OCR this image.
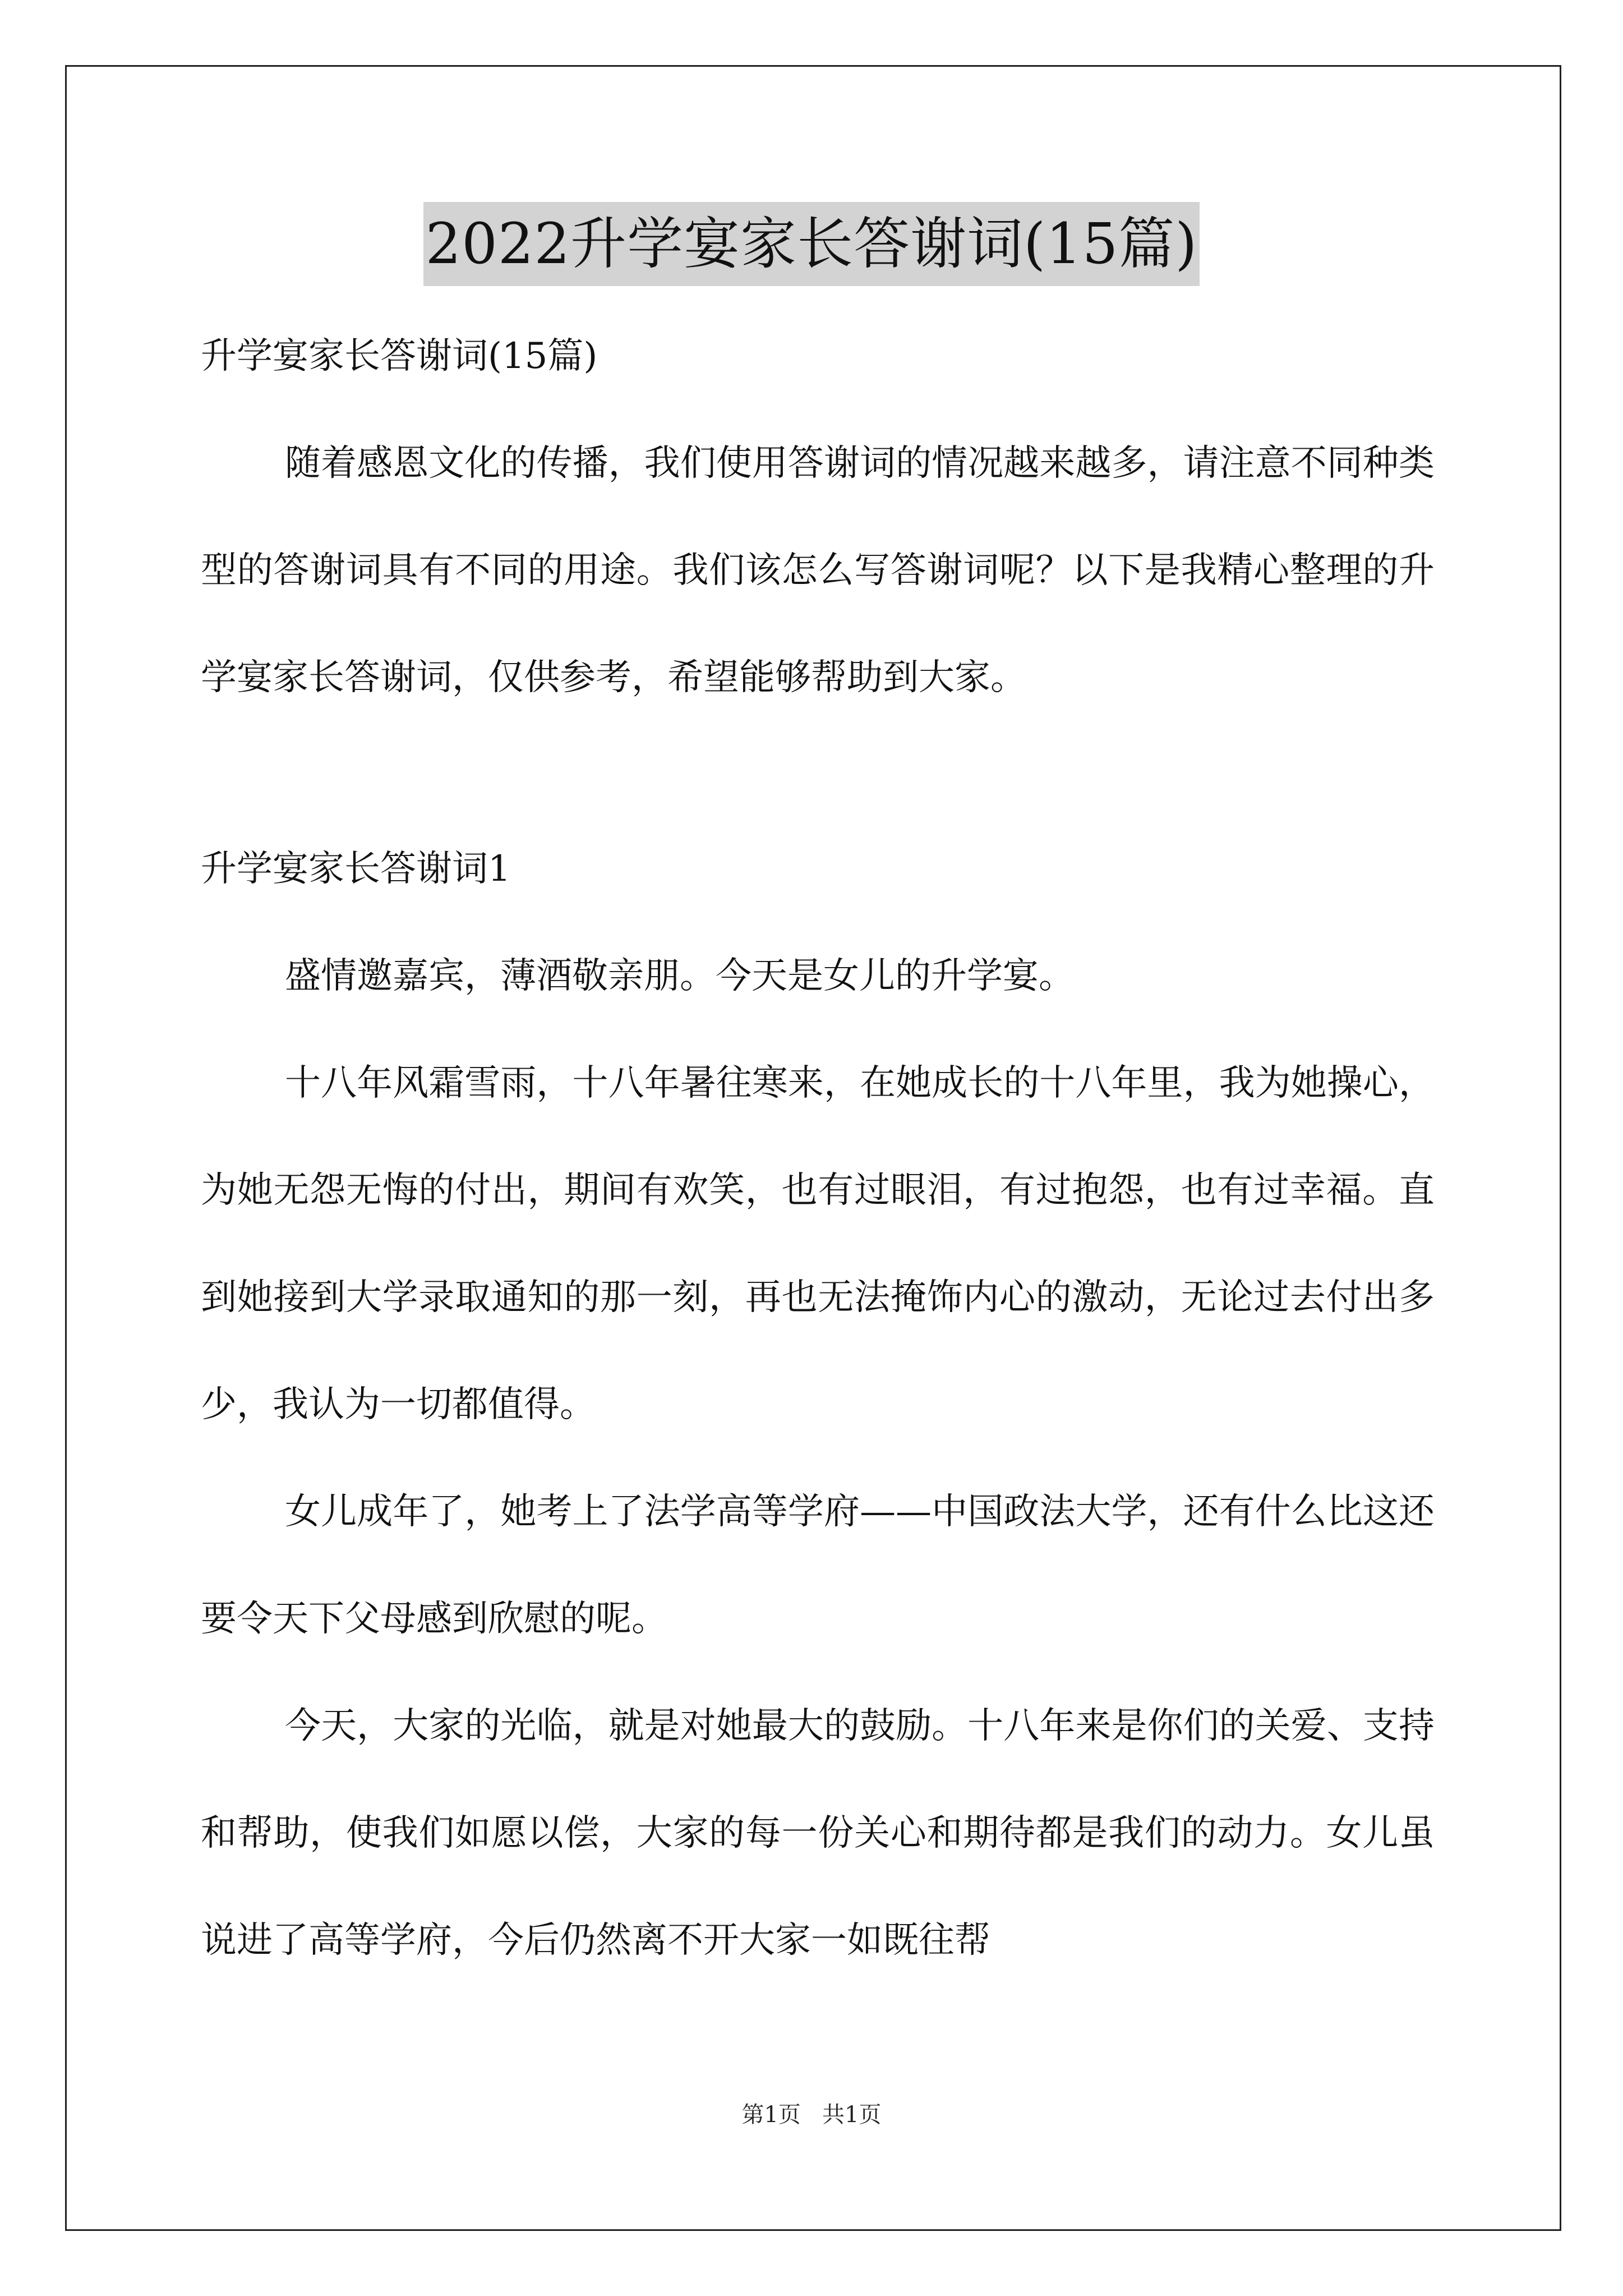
2022升学宴家长答谢词(15篇)

升学宴家长答谢词(15篇)

随着感恩文化的传播，我们使用答谢词的情况越来越多，请注意不同种类型的答谢词具有不同的用途。我们该怎么写答谢词呢？以下是我精心整理的升学宴家长答谢词，仅供参考，希望能够帮助到大家。

升学宴家长答谢词1

盛情邀嘉宾，薄酒敬亲朋。今天是女儿的升学宴。

十八年风霜雪雨，十八年暑往寒来，在她成长的十八年里，我为她操心，为她无怨无悔的付出，期间有欢笑，也有过眼泪，有过抱怨，也有过幸福。直到她接到大学录取通知的那一刻，再也无法掩饰内心的激动，无论过去付出多少，我认为一切都值得。

女儿成年了，她考上了法学高等学府——中国政法大学，还有什么比这还要令天下父母感到欣慰的呢。

今天，大家的光临，就是对她最大的鼓励。十八年来是你们的关爱、支持和帮助，使我们如愿以偿，大家的每一份关心和期待都是我们的动力。女儿虽说进了高等学府，今后仍然离不开大家一如既往帮

第1页   共1页
